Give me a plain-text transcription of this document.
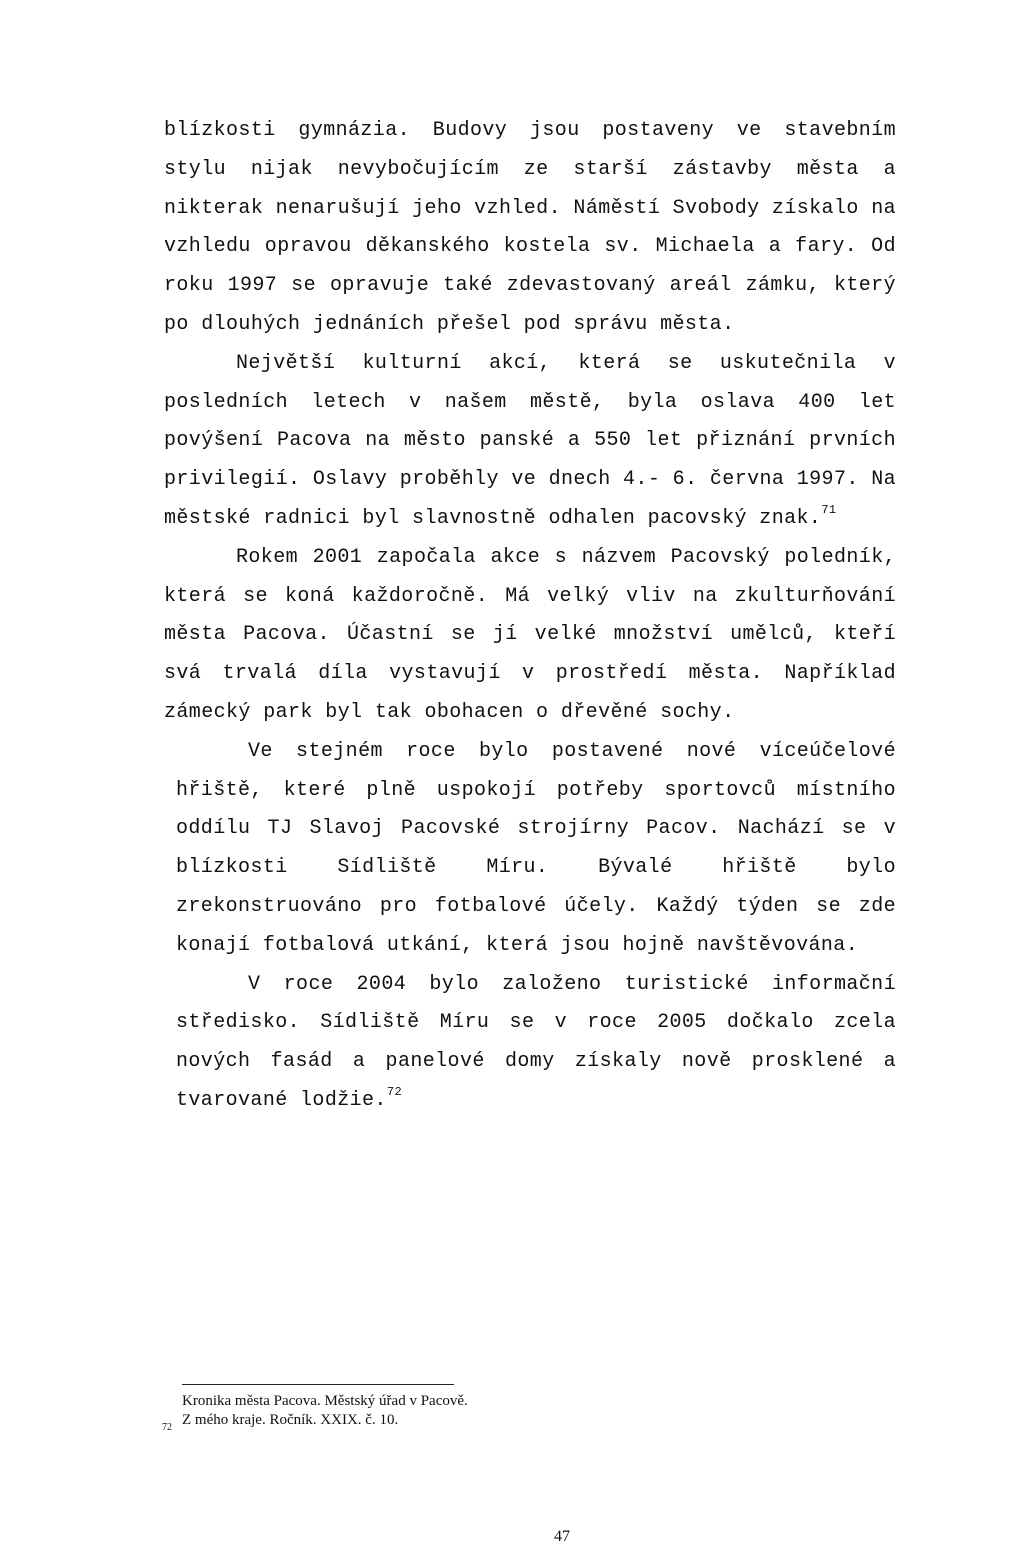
blízkosti gymnázia. Budovy jsou postaveny ve stavebním stylu nijak nevybočujícím ze starší zástavby města a nikterak nenarušují jeho vzhled. Náměstí Svobody získalo na vzhledu opravou děkanského kostela sv. Michaela a fary. Od roku 1997 se opravuje také zdevastovaný areál zámku, který po dlouhých jednáních přešel pod správu města.

Největší kulturní akcí, která se uskutečnila v posledních letech v našem městě, byla oslava 400 let povýšení Pacova na město panské a 550 let přiznání prvních privilegií. Oslavy proběhly ve dnech 4.- 6. června 1997. Na městské radnici byl slavnostně odhalen pacovský znak.$^{71}$

Rokem 2001 započala akce s názvem Pacovský poledník, která se koná každoročně. Má velký vliv na zkulturňování města Pacova. Účastní se jí velké množství umělců, kteří svá trvalá díla vystavují v prostředí města. Například zámecký park byl tak obohacen o dřevěné sochy.

Ve stejném roce bylo postavené nové víceúčelové hřiště, které plně uspokojí potřeby sportovců místního oddílu TJ Slavoj Pacovské strojírny Pacov. Nachází se v blízkosti Sídliště Míru. Bývalé hřiště bylo zrekonstruováno pro fotbalové účely. Každý týden se zde konají fotbalová utkání, která jsou hojně navštěvována.

V roce 2004 bylo založeno turistické informační středisko. Sídliště Míru se v roce 2005 dočkalo zcela nových fasád a panelové domy získaly nově prosklené a tvarované lodžie.$^{72}$

Kronika města Pacova. Městský úřad v Pacově.
72 Z mého kraje. Ročník. XXIX. č. 10.
47
